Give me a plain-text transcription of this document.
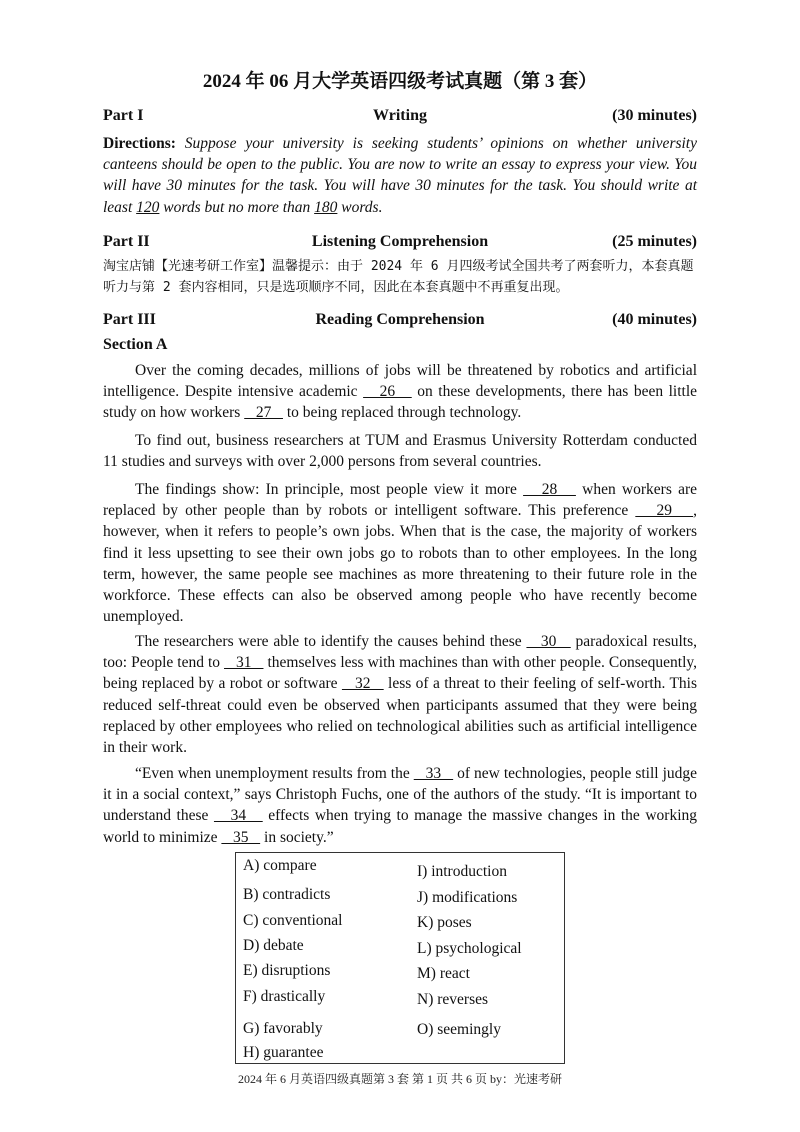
2024 年 06 月大学英语四级考试真题（第 3 套）
Part I	Writing	(30 minutes)
Directions: Suppose your university is seeking students’ opinions on whether university canteens should be open to the public. You are now to write an essay to express your view. You will have 30 minutes for the task. You will have 30 minutes for the task. You should write at least 120 words but no more than 180 words.
Part II	Listening Comprehension	(25 minutes)
淘宝店铺【光速考研工作室】温馨提示：由于 2024 年 6 月四级考试全国共考了两套听力，本套真题听力与第 2 套内容相同，只是选项顺序不同，因此在本套真题中不再重复出现。
Part III	Reading Comprehension	(40 minutes)
Section A
Over the coming decades, millions of jobs will be threatened by robotics and artificial intelligence. Despite intensive academic    26    on these developments, there has been little study on how workers    27    to being replaced through technology.
To find out, business researchers at TUM and Erasmus University Rotterdam conducted 11 studies and surveys with over 2,000 persons from several countries.
The findings show: In principle, most people view it more    28    when workers are replaced by other people than by robots or intelligent software. This preference    29   , however, when it refers to people’s own jobs. When that is the case, the majority of workers find it less upsetting to see their own jobs go to robots than to other employees. In the long term, however, the same people see machines as more threatening to their future role in the workforce. These effects can also be observed among people who have recently become unemployed.
The researchers were able to identify the causes behind these    30    paradoxical results, too: People tend to    31    themselves less with machines than with other people. Consequently, being replaced by a robot or software    32    less of a threat to their feeling of self-worth. This reduced self-threat could even be observed when participants assumed that they were being replaced by other employees who relied on technological abilities such as artificial intelligence in their work.
“Even when unemployment results from the    33    of new technologies, people still judge it in a social context,” says Christoph Fuchs, one of the authors of the study. “It is important to understand these    34    effects when trying to manage the massive changes in the working world to minimize    35    in society.”
A) compare
B) contradicts
C) conventional
D) debate
E) disruptions
F) drastically
G) favorably
H) guarantee
I) introduction
J) modifications
K) poses
L) psychological
M) react
N) reverses
O) seemingly
2024 年 6 月英语四级真题第 3 套 第 1 页 共 6 页 by：光速考研
